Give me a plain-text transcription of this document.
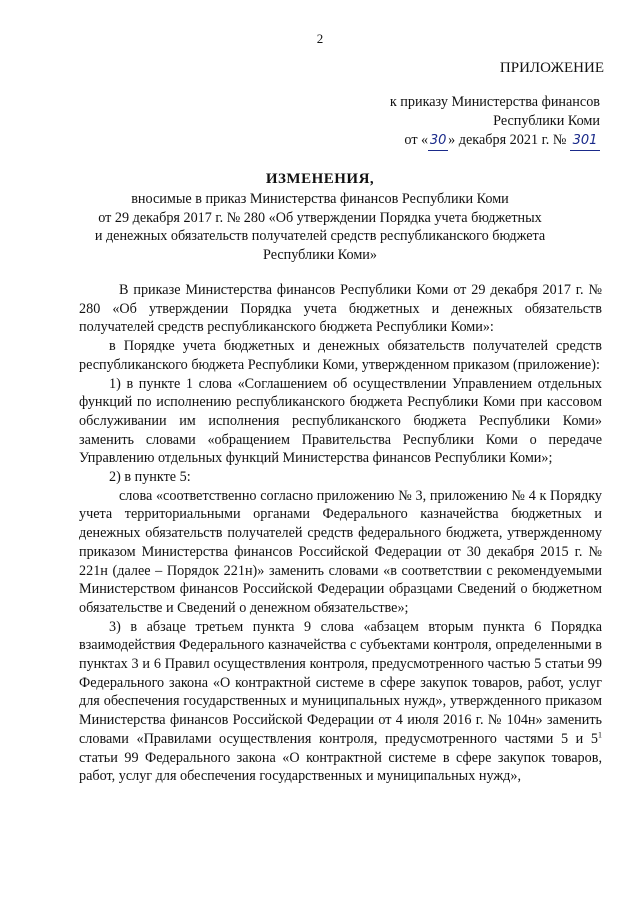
2
ПРИЛОЖЕНИЕ
к приказу Министерства финансов
Республики Коми
от « 30 » декабря 2021 г. № 301
ИЗМЕНЕНИЯ,
вносимые в приказ Министерства финансов Республики Коми
от 29 декабря 2017 г. № 280 «Об утверждении Порядка учета бюджетных
и денежных обязательств получателей средств республиканского бюджета
Республики Коми»

В приказе Министерства финансов Республики Коми от 29 декабря 2017 г. № 280 «Об утверждении Порядка учета бюджетных и денежных обязательств получателей средств республиканского бюджета Республики Коми»:

в Порядке учета бюджетных и денежных обязательств получателей средств республиканского бюджета Республики Коми, утвержденном приказом (приложение):

1) в пункте 1 слова «Соглашением об осуществлении Управлением отдельных функций по исполнению республиканского бюджета Республики Коми при кассовом обслуживании им исполнения республиканского бюджета Республики Коми» заменить словами «обращением Правительства Республики Коми о передаче Управлению отдельных функций Министерства финансов Республики Коми»;

2) в пункте 5:

слова «соответственно согласно приложению № 3, приложению № 4 к Порядку учета территориальными органами Федерального казначейства бюджетных и денежных обязательств получателей средств федерального бюджета, утвержденному приказом Министерства финансов Российской Федерации от 30 декабря 2015 г. № 221н (далее – Порядок 221н)» заменить словами «в соответствии с рекомендуемыми Министерством финансов Российской Федерации образцами Сведений о бюджетном обязательстве и Сведений о денежном обязательстве»;

3) в абзаце третьем пункта 9 слова «абзацем вторым пункта 6 Порядка взаимодействия Федерального казначейства с субъектами контроля, определенными в пунктах 3 и 6 Правил осуществления контроля, предусмотренного частью 5 статьи 99 Федерального закона «О контрактной системе в сфере закупок товаров, работ, услуг для обеспечения государственных и муниципальных нужд», утвержденного приказом Министерства финансов Российской Федерации от 4 июля 2016 г. № 104н» заменить словами «Правилами осуществления контроля, предусмотренного частями 5 и $5^1$ статьи 99 Федерального закона «О контрактной системе в сфере закупок товаров, работ, услуг для обеспечения государственных и муниципальных нужд»,
